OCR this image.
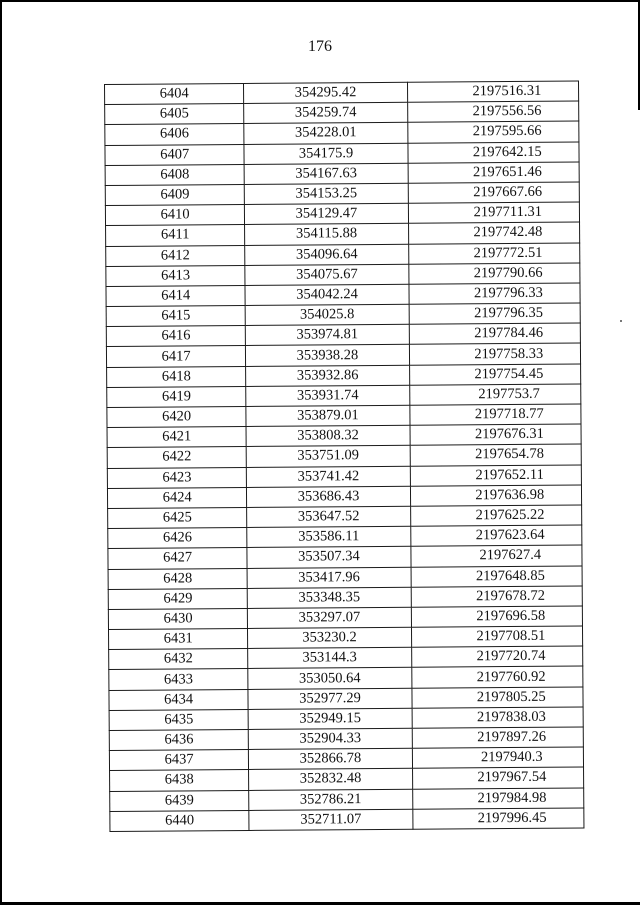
176
6404	354295.42	2197516.31
6405	354259.74	2197556.56
6406	354228.01	2197595.66
6407	354175.9	2197642.15
6408	354167.63	2197651.46
6409	354153.25	2197667.66
6410	354129.47	2197711.31
6411	354115.88	2197742.48
6412	354096.64	2197772.51
6413	354075.67	2197790.66
6414	354042.24	2197796.33
6415	354025.8	2197796.35
6416	353974.81	2197784.46
6417	353938.28	2197758.33
6418	353932.86	2197754.45
6419	353931.74	2197753.7
6420	353879.01	2197718.77
6421	353808.32	2197676.31
6422	353751.09	2197654.78
6423	353741.42	2197652.11
6424	353686.43	2197636.98
6425	353647.52	2197625.22
6426	353586.11	2197623.64
6427	353507.34	2197627.4
6428	353417.96	2197648.85
6429	353348.35	2197678.72
6430	353297.07	2197696.58
6431	353230.2	2197708.51
6432	353144.3	2197720.74
6433	353050.64	2197760.92
6434	352977.29	2197805.25
6435	352949.15	2197838.03
6436	352904.33	2197897.26
6437	352866.78	2197940.3
6438	352832.48	2197967.54
6439	352786.21	2197984.98
6440	352711.07	2197996.45
